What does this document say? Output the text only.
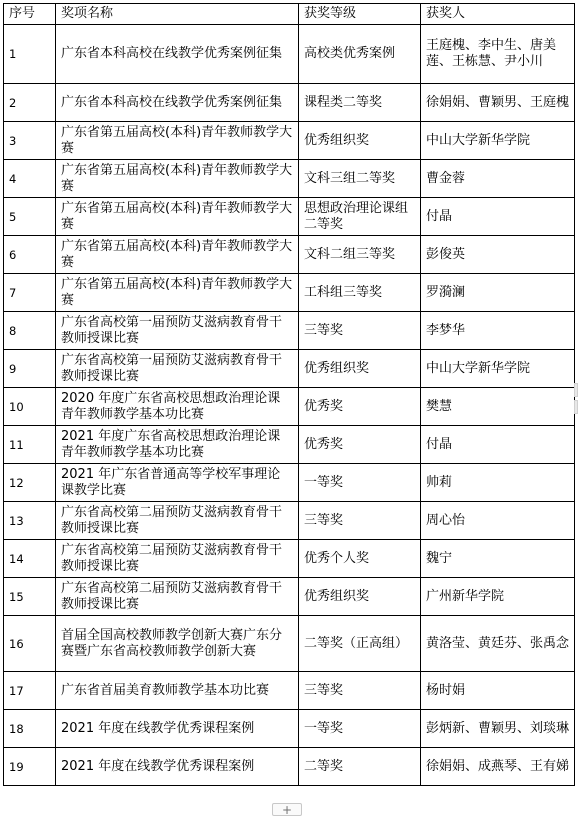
序号	奖项名称	获奖等级	获奖人
1	广东省本科高校在线教学优秀案例征集	高校类优秀案例	王庭槐、李中生、唐美莲、王栋慧、尹小川
2	广东省本科高校在线教学优秀案例征集	课程类二等奖	徐娟娟、曹颖男、王庭槐
3	广东省第五届高校(本科)青年教师教学大赛	优秀组织奖	中山大学新华学院
4	广东省第五届高校(本科)青年教师教学大赛	文科三组二等奖	曹金蓉
5	广东省第五届高校(本科)青年教师教学大赛	思想政治理论课组二等奖	付晶
6	广东省第五届高校(本科)青年教师教学大赛	文科二组三等奖	彭俊英
7	广东省第五届高校(本科)青年教师教学大赛	工科组三等奖	罗漪澜
8	广东省高校第一届预防艾滋病教育骨干教师授课比赛	三等奖	李梦华
9	广东省高校第一届预防艾滋病教育骨干教师授课比赛	优秀组织奖	中山大学新华学院
10	2020 年度广东省高校思想政治理论课青年教师教学基本功比赛	优秀奖	樊慧
11	2021 年度广东省高校思想政治理论课青年教师教学基本功比赛	优秀奖	付晶
12	2021 年广东省普通高等学校军事理论课教学比赛	一等奖	帅莉
13	广东省高校第二届预防艾滋病教育骨干教师授课比赛	三等奖	周心怡
14	广东省高校第二届预防艾滋病教育骨干教师授课比赛	优秀个人奖	魏宁
15	广东省高校第二届预防艾滋病教育骨干教师授课比赛	优秀组织奖	广州新华学院
16	首届全国高校教师教学创新大赛广东分赛暨广东省高校教师教学创新大赛	二等奖（正高组）	黄洛莹、黄廷芬、张禹念
17	广东省首届美育教师教学基本功比赛	三等奖	杨时娟
18	2021 年度在线教学优秀课程案例	一等奖	彭炳新、曹颖男、刘琰琳
19	2021 年度在线教学优秀课程案例	二等奖	徐娟娟、成燕琴、王有娣
+
